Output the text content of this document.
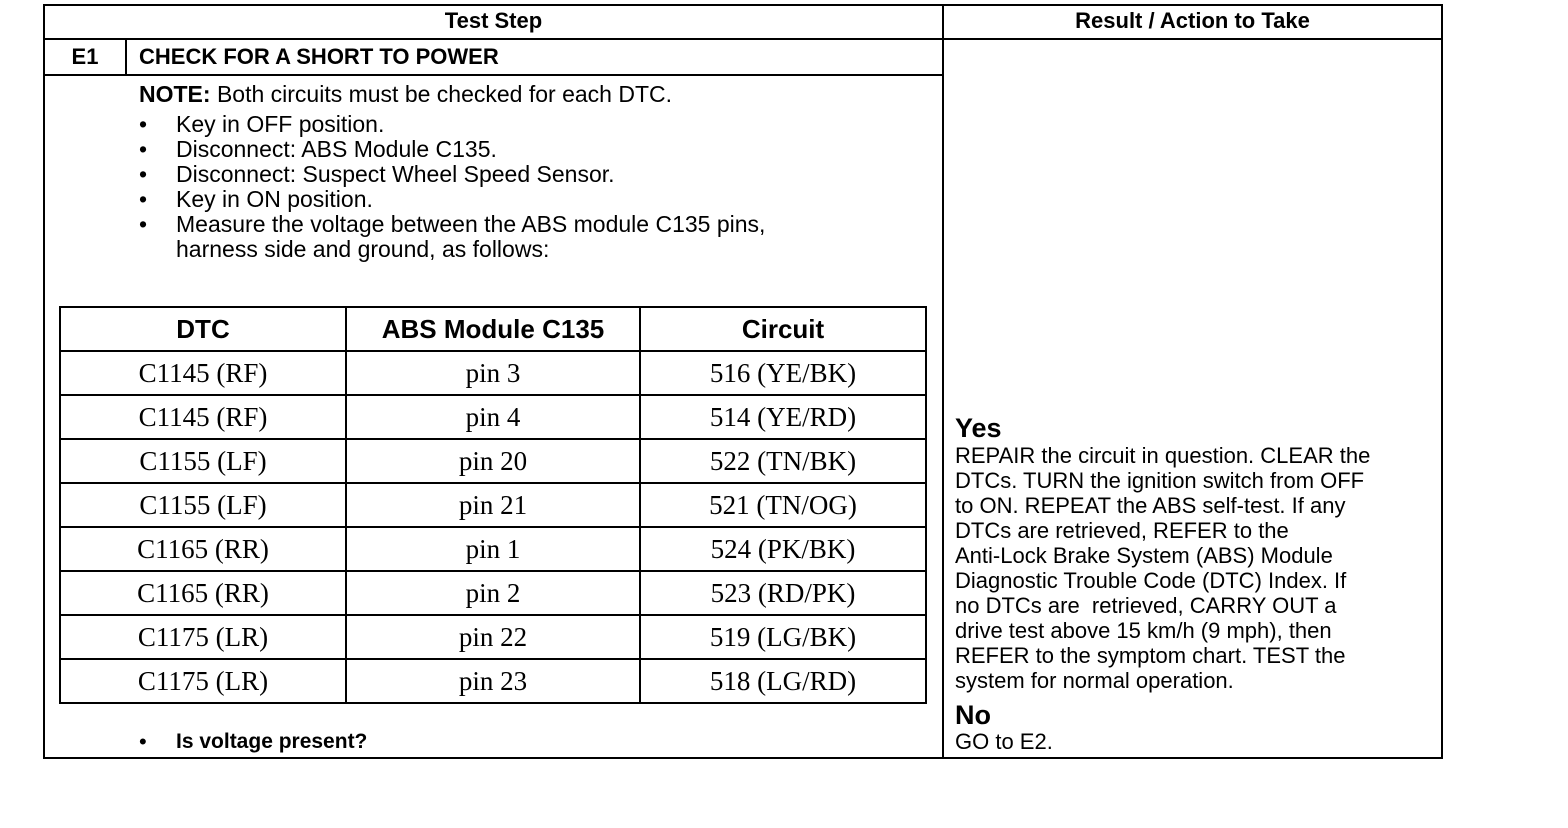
Test Step	Result / Action to Take
E1	CHECK FOR A SHORT TO POWER
NOTE: Both circuits must be checked for each DTC.
• Key in OFF position.
• Disconnect: ABS Module C135.
• Disconnect: Suspect Wheel Speed Sensor.
• Key in ON position.
• Measure the voltage between the ABS module C135 pins,
harness side and ground, as follows:
DTC	ABS Module C135	Circuit
C1145 (RF)	pin 3	516 (YE/BK)
C1145 (RF)	pin 4	514 (YE/RD)
C1155 (LF)	pin 20	522 (TN/BK)
C1155 (LF)	pin 21	521 (TN/OG)
C1165 (RR)	pin 1	524 (PK/BK)
C1165 (RR)	pin 2	523 (RD/PK)
C1175 (LR)	pin 22	519 (LG/BK)
C1175 (LR)	pin 23	518 (LG/RD)
• Is voltage present?
Yes
REPAIR the circuit in question. CLEAR the
DTCs. TURN the ignition switch from OFF
to ON. REPEAT the ABS self-test. If any
DTCs are retrieved, REFER to the
Anti-Lock Brake System (ABS) Module
Diagnostic Trouble Code (DTC) Index. If
no DTCs are  retrieved, CARRY OUT a
drive test above 15 km/h (9 mph), then
REFER to the symptom chart. TEST the
system for normal operation.
No
GO to E2.
